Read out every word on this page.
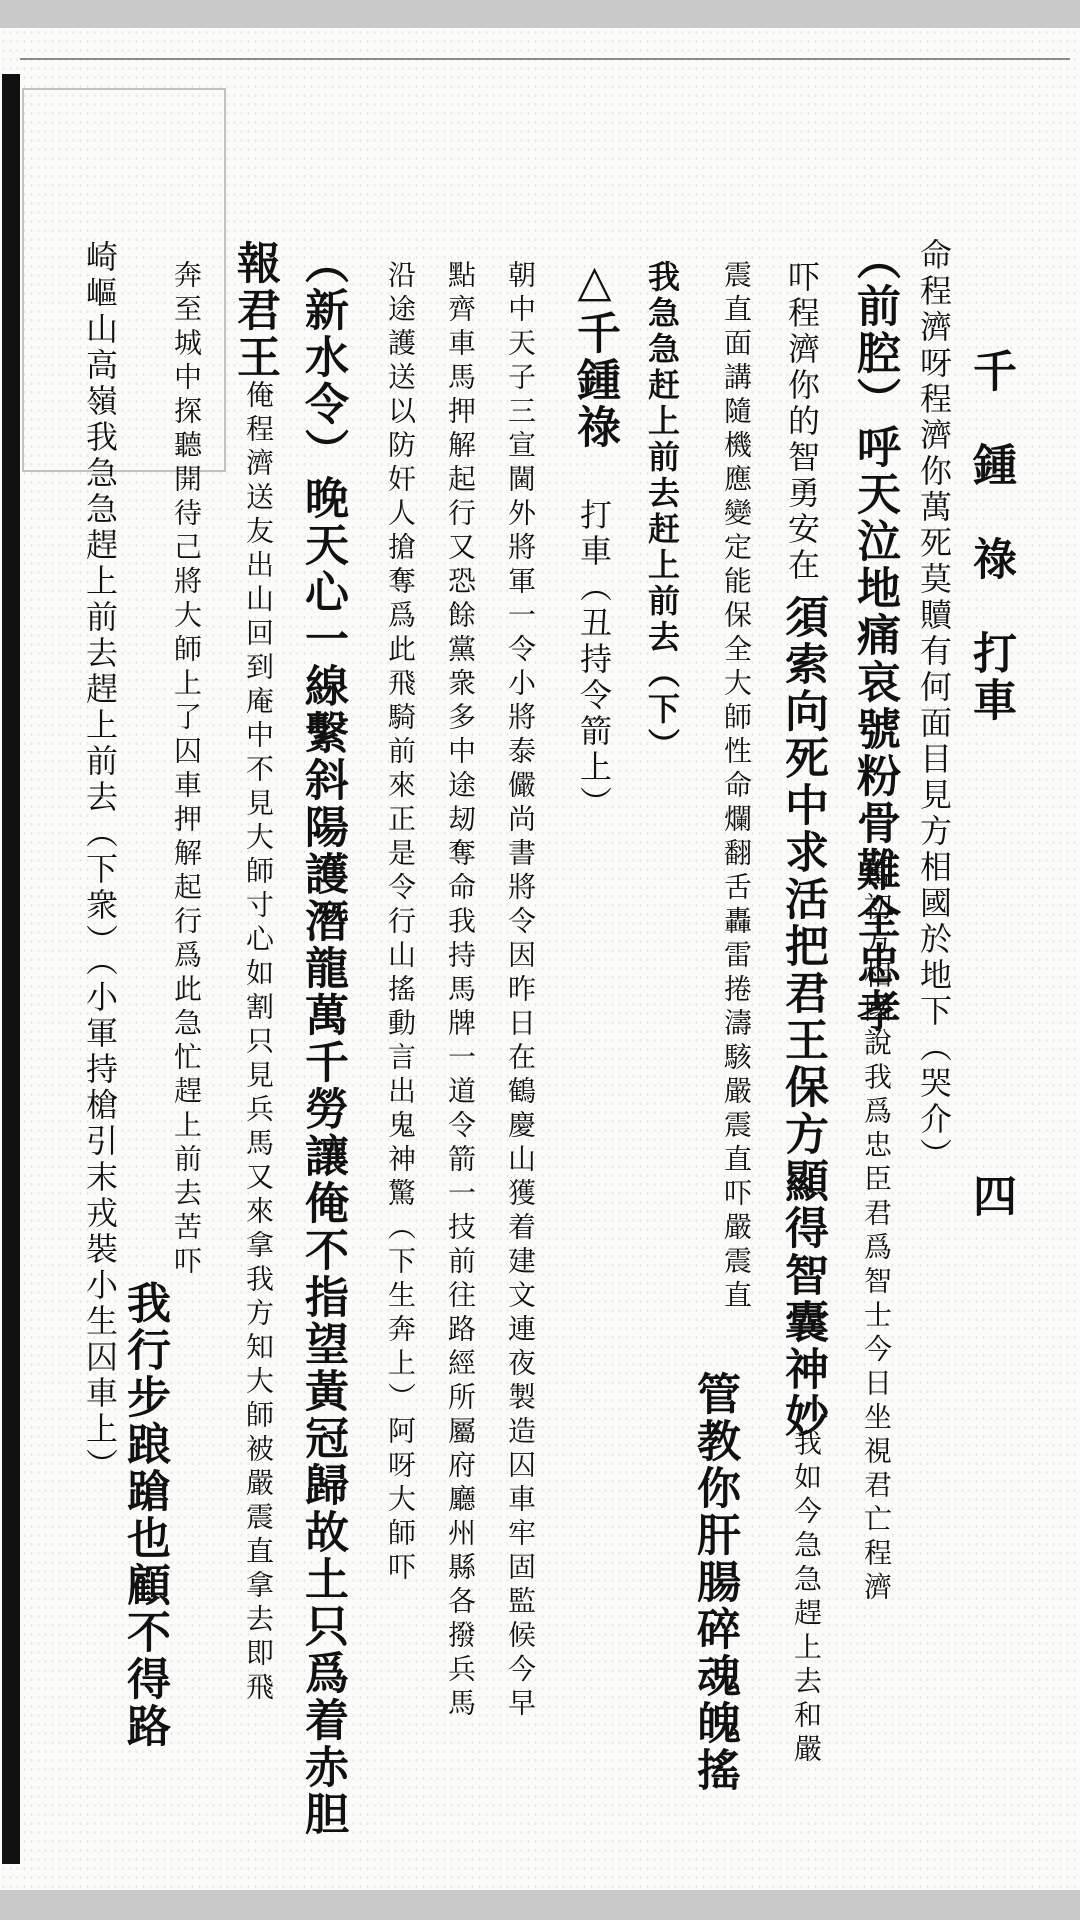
千　鍾　祿　打車
四
命程濟呀程濟你萬死莫贖有何面目見方相國於地下（哭介）
（前腔）呼天泣地痛哀號粉骨難全忠孝
當初方相國說我爲忠臣君爲智士今日坐視君亡程濟
吓程濟你的智勇安在
須索向死中求活把君王保方顯得智囊神妙
我如今急急趕上去和嚴
震直面講隨機應變定能保全大師性命爛翻舌轟雷捲濤駭嚴震直吓嚴震直
管教你肝腸碎魂魄搖
我急急赶上前去赶上前去（下）
△千鍾祿
打車（丑持令箭上）
朝中天子三宣閫外將軍一令小將泰儼尚書將令因昨日在鶴慶山獲着建文連夜製造囚車牢固監候今早
點齊車馬押解起行又恐餘黨衆多中途刼奪命我持馬牌一道令箭一技前往路經所屬府廳州縣各撥兵馬
沿途護送以防奸人搶奪爲此飛騎前來正是令行山搖動言出鬼神驚（下生奔上）阿呀大師吓
（新水令）晚天心一線繫斜陽護潛龍萬千勞讓俺不指望黃冠歸故土只爲着赤胆
報君王
俺程濟送友出山回到庵中不見大師寸心如割只見兵馬又來拿我方知大師被嚴震直拿去即飛
奔至城中探聽開待己將大師上了囚車押解起行爲此急忙趕上前去苦吓
我行步踉蹌也顧不得路
崎嶇山高嶺我急急趕上前去趕上前去（下衆）（小軍持槍引末戎裝小生囚車上）
